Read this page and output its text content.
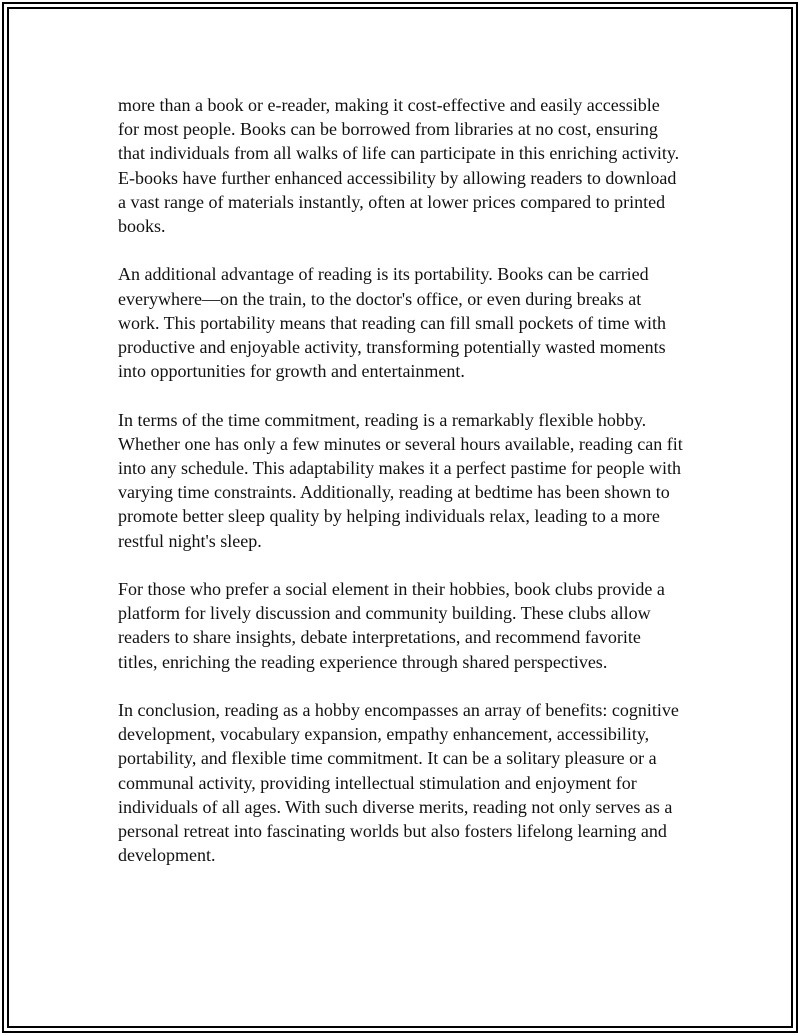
more than a book or e-reader, making it cost-effective and easily accessible for most people. Books can be borrowed from libraries at no cost, ensuring that individuals from all walks of life can participate in this enriching activity. E-books have further enhanced accessibility by allowing readers to download a vast range of materials instantly, often at lower prices compared to printed books.

An additional advantage of reading is its portability. Books can be carried everywhere—on the train, to the doctor's office, or even during breaks at work. This portability means that reading can fill small pockets of time with productive and enjoyable activity, transforming potentially wasted moments into opportunities for growth and entertainment.

In terms of the time commitment, reading is a remarkably flexible hobby. Whether one has only a few minutes or several hours available, reading can fit into any schedule. This adaptability makes it a perfect pastime for people with varying time constraints. Additionally, reading at bedtime has been shown to promote better sleep quality by helping individuals relax, leading to a more restful night's sleep.

For those who prefer a social element in their hobbies, book clubs provide a platform for lively discussion and community building. These clubs allow readers to share insights, debate interpretations, and recommend favorite titles, enriching the reading experience through shared perspectives.

In conclusion, reading as a hobby encompasses an array of benefits: cognitive development, vocabulary expansion, empathy enhancement, accessibility, portability, and flexible time commitment. It can be a solitary pleasure or a communal activity, providing intellectual stimulation and enjoyment for individuals of all ages. With such diverse merits, reading not only serves as a personal retreat into fascinating worlds but also fosters lifelong learning and development.
